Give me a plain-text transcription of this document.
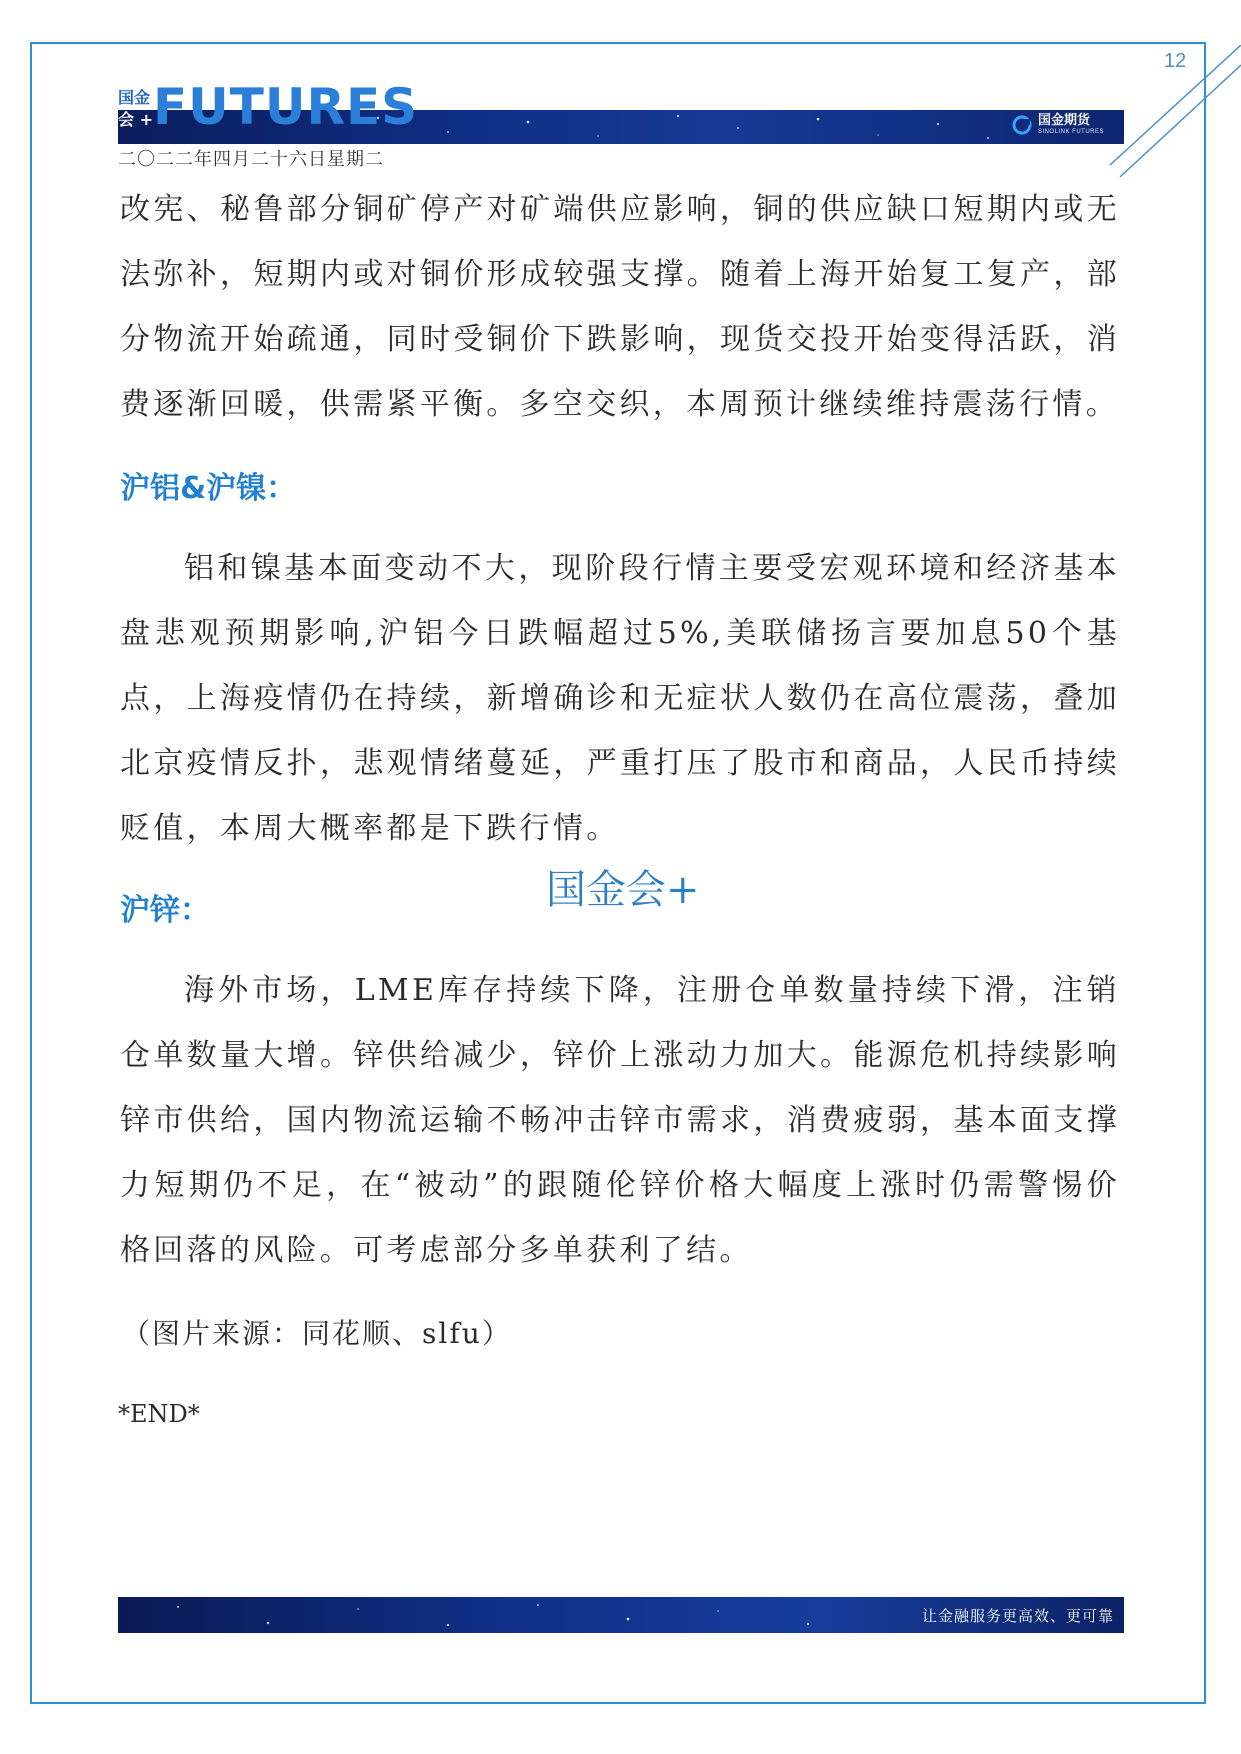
12
国金
会 + FUTURES	国金期货
SINOLINK FUTURES
二〇二二年四月二十六日星期二

改宪、秘鲁部分铜矿停产对矿端供应影响，铜的供应缺口短期内或无法弥补，短期内或对铜价形成较强支撑。随着上海开始复工复产，部分物流开始疏通，同时受铜价下跌影响，现货交投开始变得活跃，消费逐渐回暖，供需紧平衡。多空交织，本周预计继续维持震荡行情。

沪铝&沪镍：

铝和镍基本面变动不大，现阶段行情主要受宏观环境和经济基本盘悲观预期影响,沪铝今日跌幅超过5%,美联储扬言要加息50个基点，上海疫情仍在持续，新增确诊和无症状人数仍在高位震荡，叠加北京疫情反扑，悲观情绪蔓延，严重打压了股市和商品，人民币持续贬值，本周大概率都是下跌行情。

国金会+
沪锌：

海外市场，LME库存持续下降，注册仓单数量持续下滑，注销仓单数量大增。锌供给减少，锌价上涨动力加大。能源危机持续影响锌市供给，国内物流运输不畅冲击锌市需求，消费疲弱，基本面支撑力短期仍不足，在“被动”的跟随伦锌价格大幅度上涨时仍需警惕价格回落的风险。可考虑部分多单获利了结。

（图片来源：同花顺、slfu）
*END*
让金融服务更高效、更可靠
